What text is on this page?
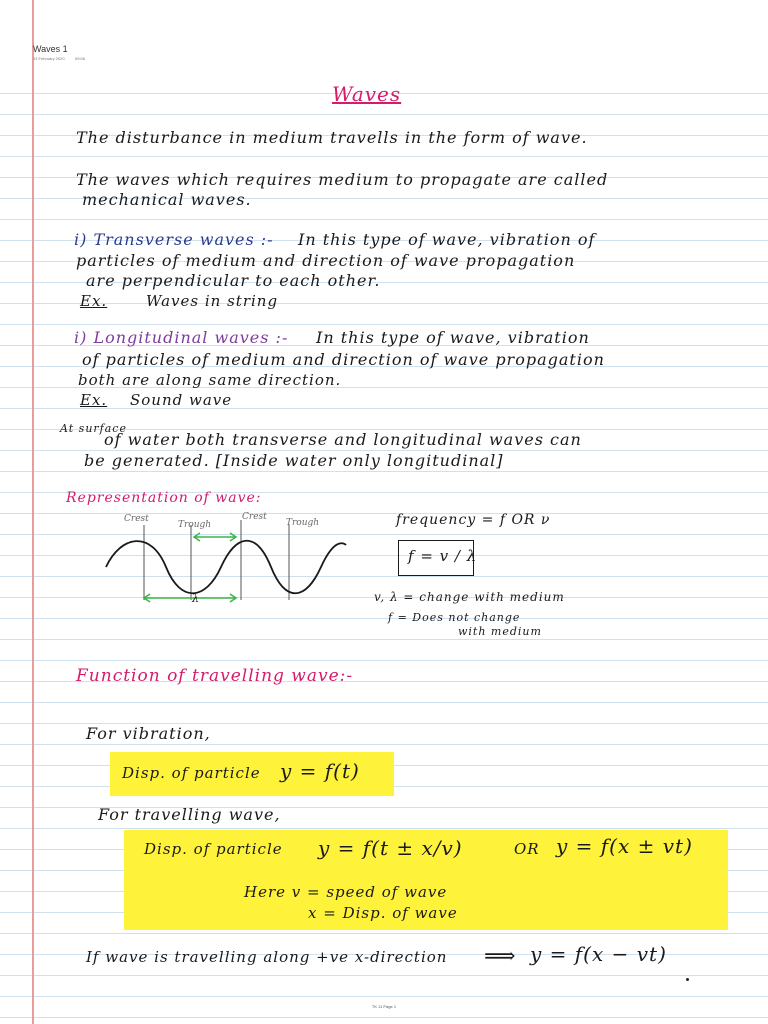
Waves 1
13 February 2020	09:06
Waves
The disturbance in medium travells in the form of wave.
The waves which requires medium to propagate are called
mechanical waves.
i) Transverse waves :- In this type of wave, vibration of
particles of medium and direction of wave propagation
are perpendicular to each other.
Ex.	Waves in string
i) Longitudinal waves :- In this type of wave, vibration
of particles of medium and direction of wave propagation
both are along same direction.
Ex. Sound wave
At surface
of water both transverse and longitudinal waves can
be generated. [Inside water only longitudinal]
Representation of wave:
Crest
Trough
Crest
Trough
λ
frequency = f OR ν
f = v / λ
v, λ = change with medium
f = Does not change
with medium
Function of travelling wave:-
For vibration,
Disp. of particle y = f(t)
For travelling wave,
Disp. of particle y = f(t ± x/v)	OR y = f(x ± vt)
Here v = speed of wave
x = Disp. of wave
If wave is travelling along +ve x-direction ⟹ y = f(x − vt)
TK 11 Page 1
